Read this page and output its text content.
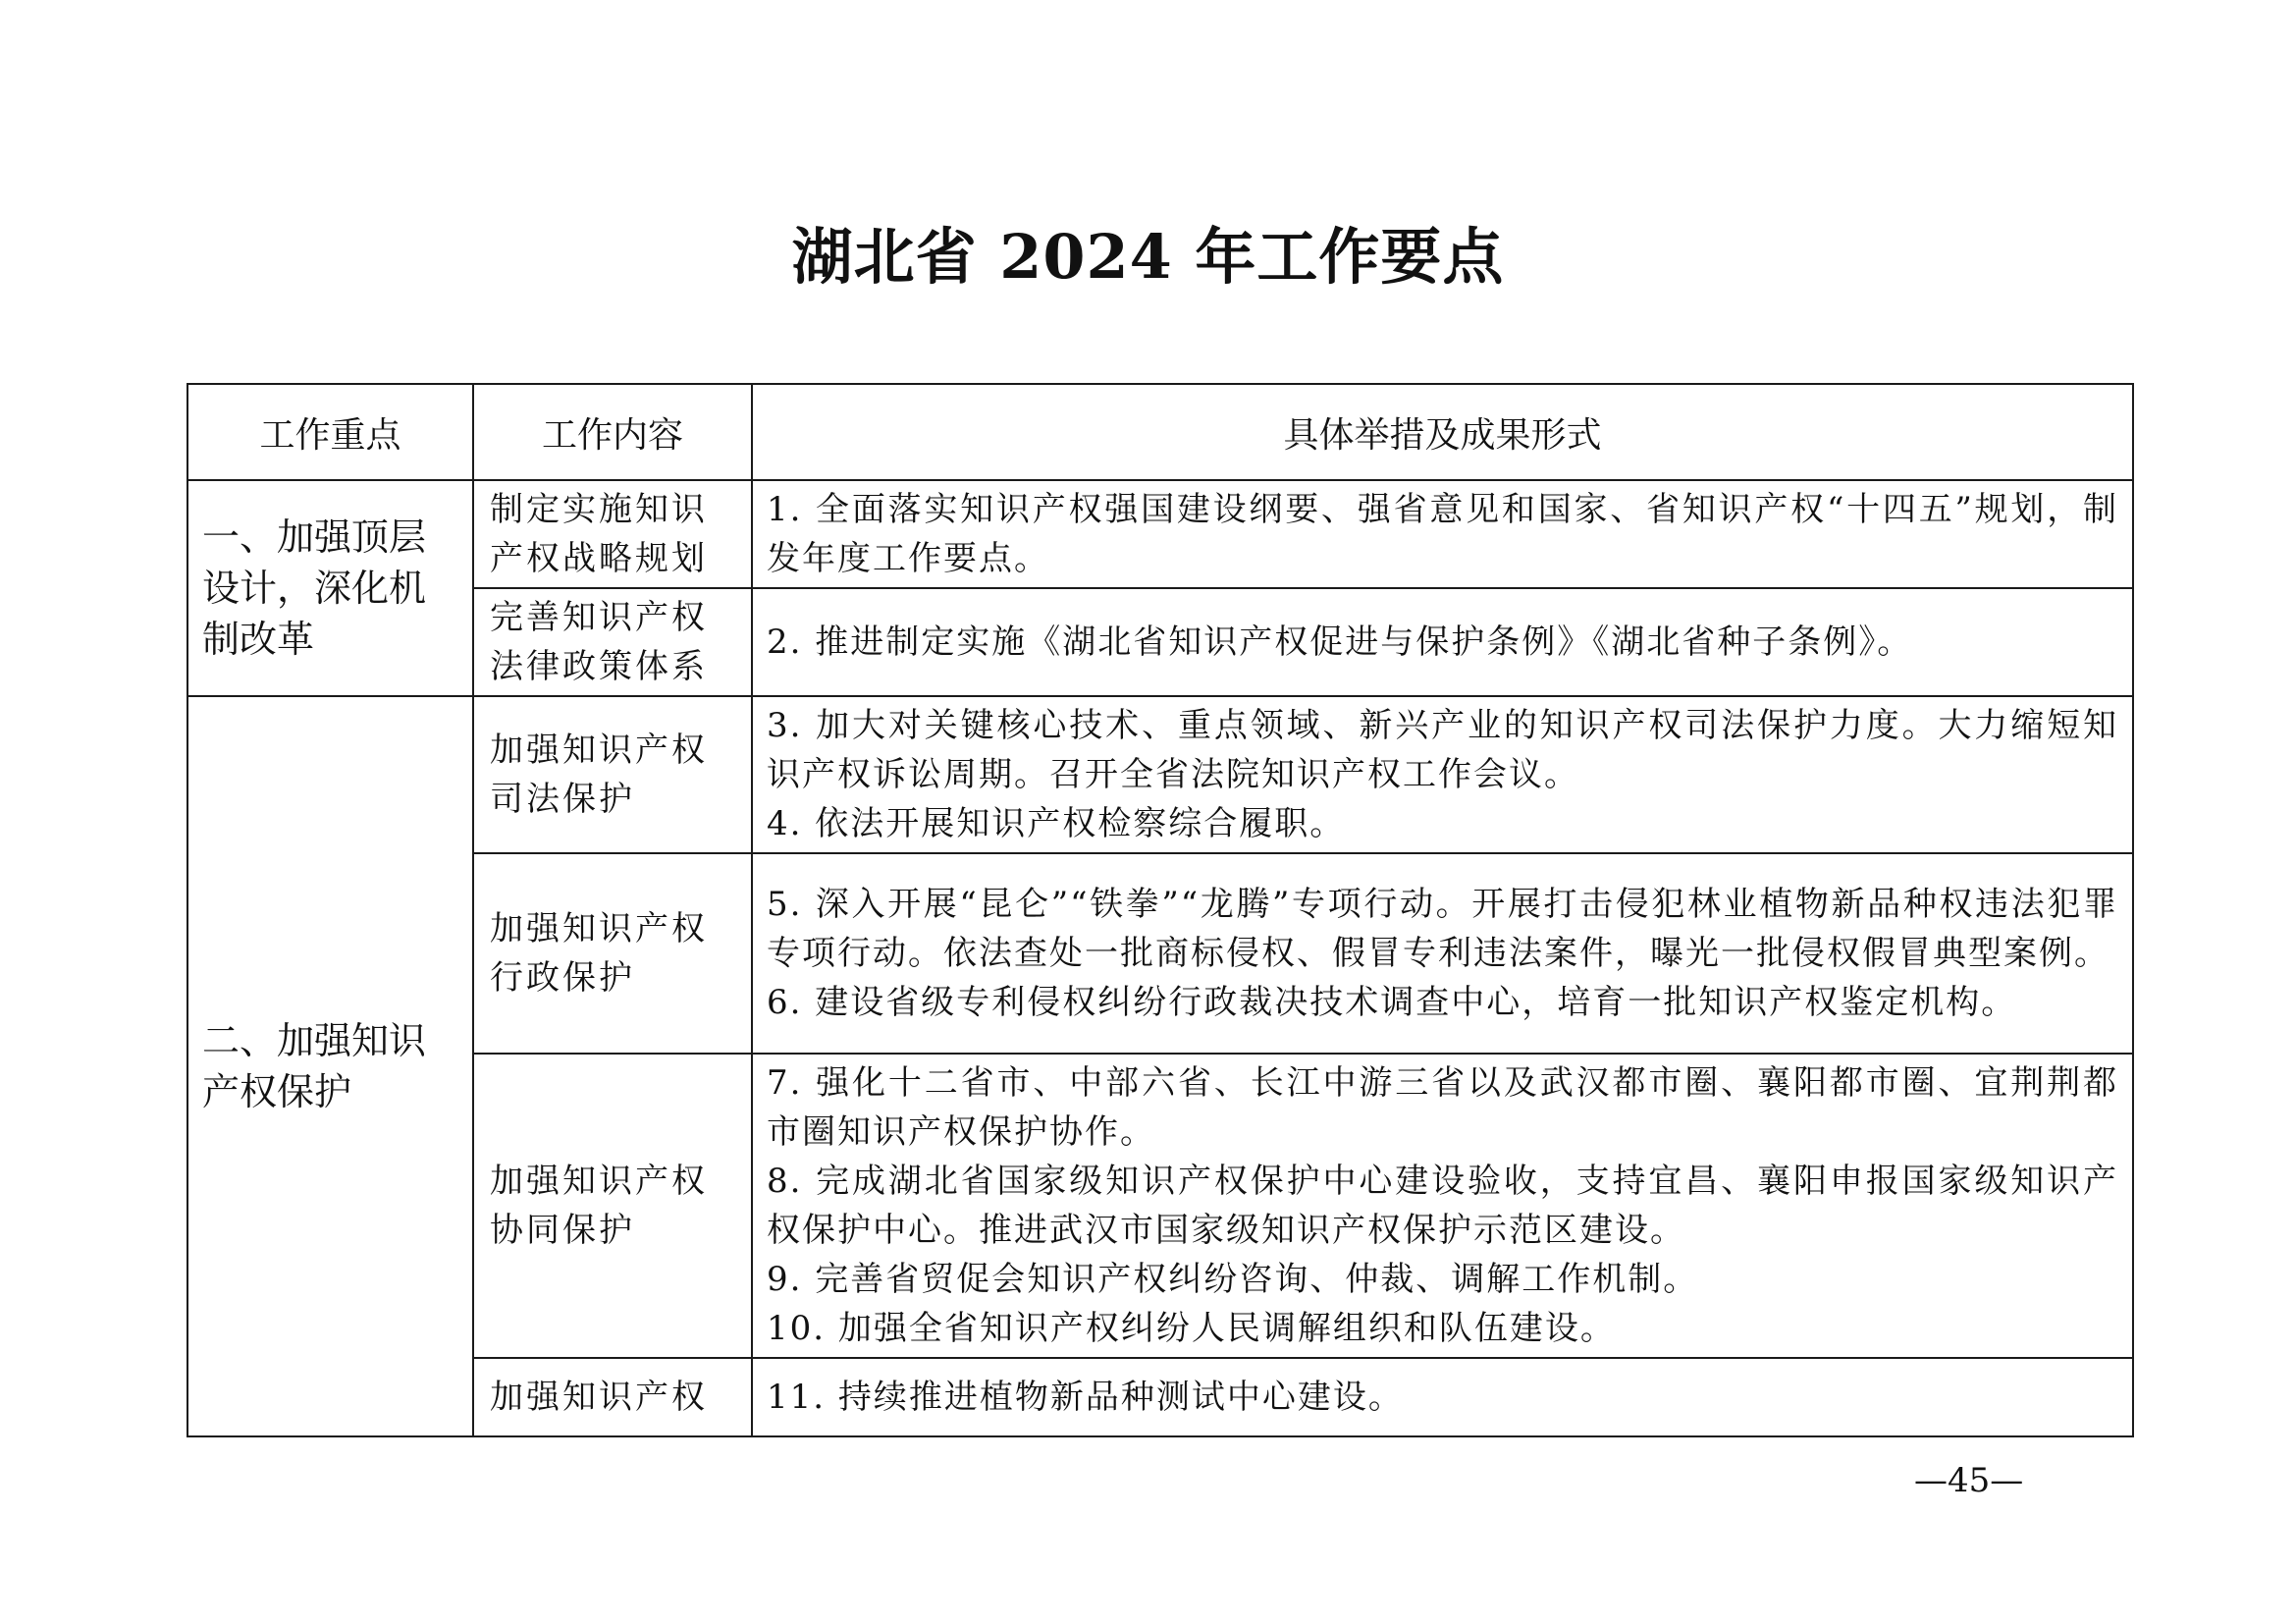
湖北省 2024 年工作要点
工作重点	工作内容	具体举措及成果形式
一、加强顶层设计，深化机制改革	制定实施知识产权战略规划	1. 全面落实知识产权强国建设纲要、强省意见和国家、省知识产权“十四五”规划，制发年度工作要点。

	完善知识产权法律政策体系	2. 推进制定实施《湖北省知识产权促进与保护条例》《湖北省种子条例》。

二、加强知识产权保护	加强知识产权司法保护	3. 加大对关键核心技术、重点领域、新兴产业的知识产权司法保护力度。大力缩短知识产权诉讼周期。召开全省法院知识产权工作会议。
4. 依法开展知识产权检察综合履职。

	加强知识产权行政保护	5. 深入开展“昆仑”“铁拳”“龙腾”专项行动。开展打击侵犯林业植物新品种权违法犯罪专项行动。依法查处一批商标侵权、假冒专利违法案件，曝光一批侵权假冒典型案例。
6. 建设省级专利侵权纠纷行政裁决技术调查中心，培育一批知识产权鉴定机构。

	加强知识产权协同保护	7. 强化十二省市、中部六省、长江中游三省以及武汉都市圈、襄阳都市圈、宜荆荆都市圈知识产权保护协作。
8. 完成湖北省国家级知识产权保护中心建设验收，支持宜昌、襄阳申报国家级知识产权保护中心。推进武汉市国家级知识产权保护示范区建设。
9. 完善省贸促会知识产权纠纷咨询、仲裁、调解工作机制。
10. 加强全省知识产权纠纷人民调解组织和队伍建设。

	加强知识产权	11. 持续推进植物新品种测试中心建设。
—45—
